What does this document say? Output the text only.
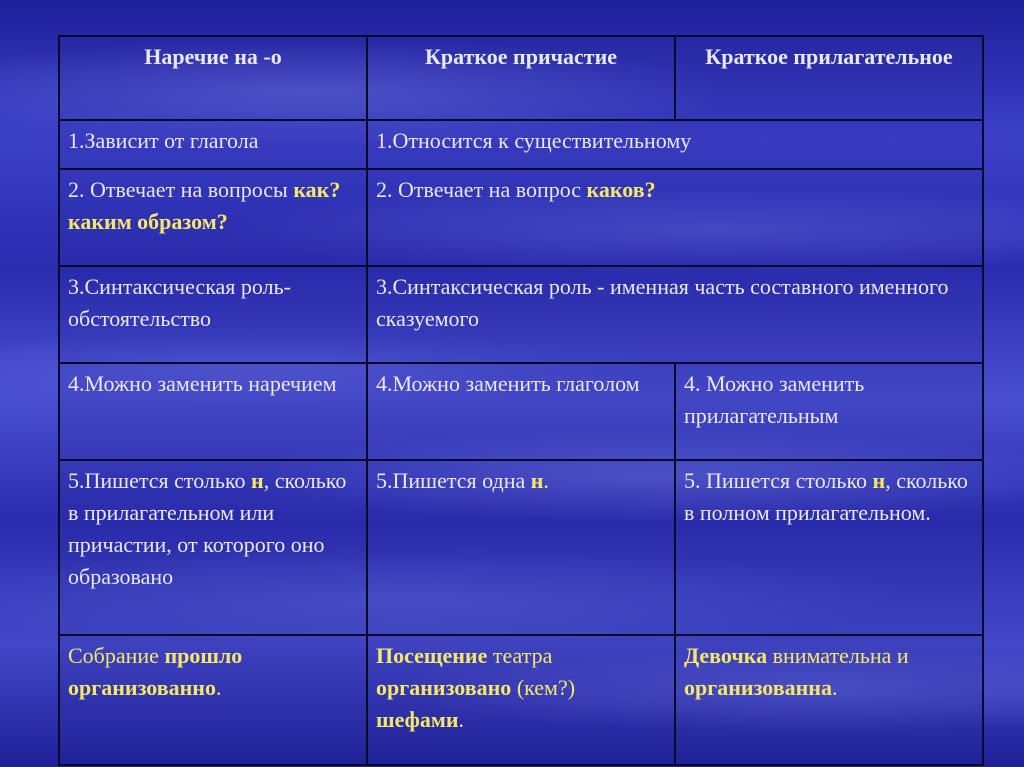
Наречие на -о	Краткое причастие	Краткое прилагательное
1.Зависит от глагола	1.Относится к существительному	
2. Отвечает на вопросы как? каким образом?	2. Отвечает на вопрос каков?	
3.Синтаксическая роль-обстоятельство	3.Синтаксическая роль - именная часть составного именного сказуемого	
4.Можно заменить наречием	4.Можно заменить глаголом	4. Можно заменить прилагательным
5.Пишется столько н, сколько в прилагательном или причастии, от которого оно образовано	5.Пишется одна н.	5. Пишется столько н, сколько в полном прилагательном.
Собрание прошло организованно.	Посещение театра организовано (кем?) шефами.	Девочка внимательна и организованна.
